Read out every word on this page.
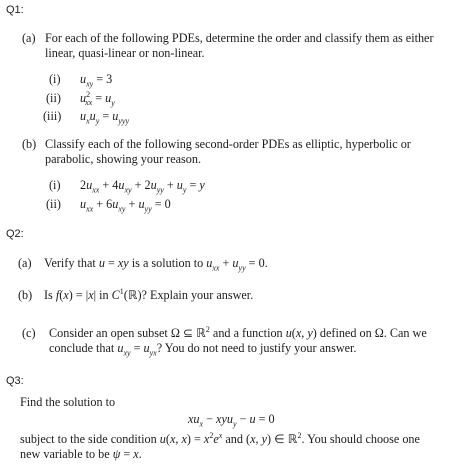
Q1:
(a) For each of the following PDEs, determine the order and classify them as either
linear, quasi-linear or non-linear.
(i) $u_{xy} = 3$
(ii) $u^2_{xx} = u_y$
(iii) $u_xu_y = u_{yyy}$
(b) Classify each of the following second-order PDEs as elliptic, hyperbolic or
parabolic, showing your reason.
(i) $2u_{xx} + 4u_{xy} + 2u_{yy} + u_y = y$
(ii) $u_{xx} + 6u_{xy} + u_{yy} = 0$
Q2:
(a) Verify that u = xy is a solution to $u_{xx} + u_{yy} = 0$.
(b) Is f(x) = |x| in $C^1(ℝ)$? Explain your answer.
(c) Consider an open subset Ω ⊆ ℝ$^2$ and a function u(x, y) defined on Ω. Can we
conclude that $u_{xy} = u_{yx}$? You do not need to justify your answer.
Q3:
Find the solution to
$xu_x - xyu_y - u = 0$
subject to the side condition u(x, $x) = x^2e^x$ and (x, y) ∈ ℝ$^2$. You should choose one
new variable to be ψ = x.
